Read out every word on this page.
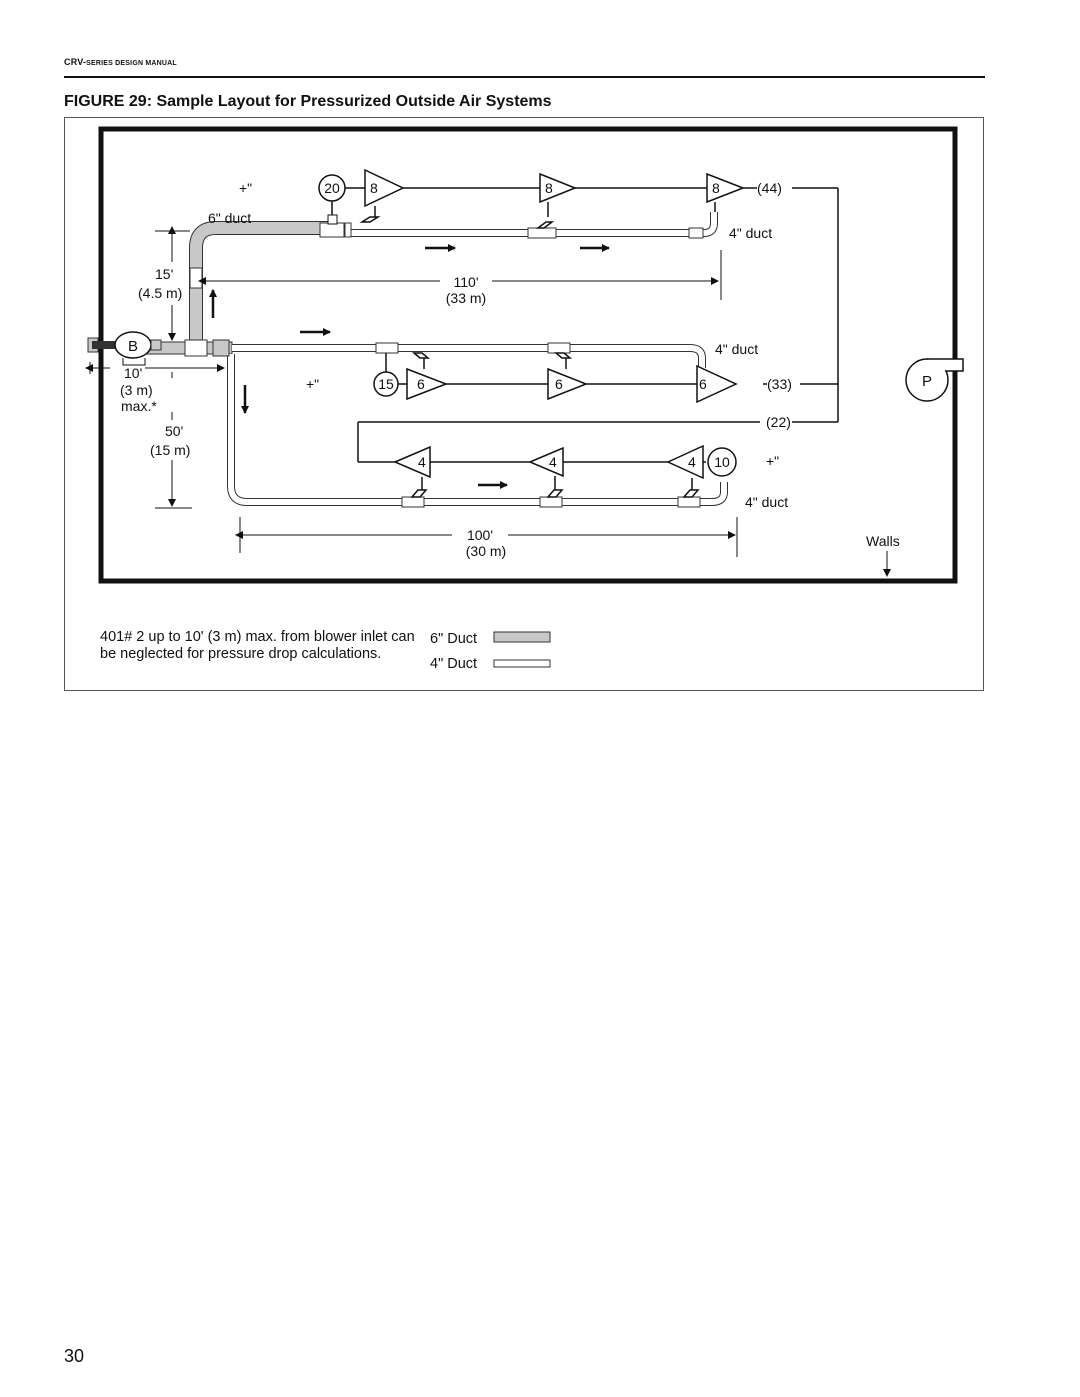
CRV-SERIES DESIGN MANUAL
FIGURE 29: Sample Layout for Pressurized Outside Air Systems
B
P
20
15
10
8	8	8
6	6	6
4	4	4
(44)
(33)
(22)
+"
+"
+"
6" duct
4" duct
4" duct
4" duct
15'
(4.5 m)
110'
(33 m)
10'
(3 m)
max.*
50'
(15 m)
100'
(30 m)
Walls
6" Duct
4" Duct
401# 2 up to 10' (3 m) max. from blower inlet can be neglected for pressure drop calculations.
30
